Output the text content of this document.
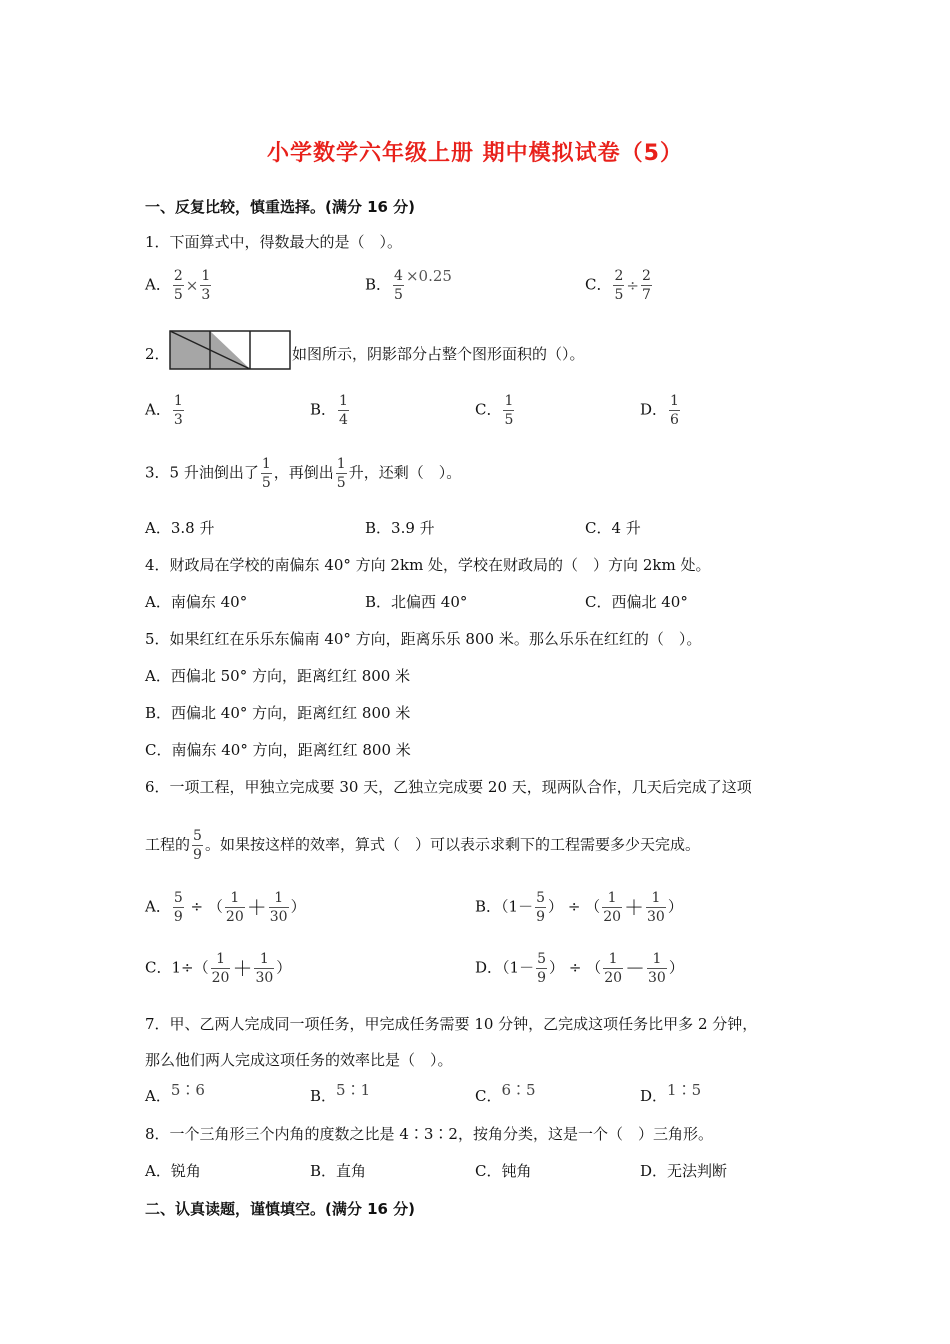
小学数学六年级上册 期中模拟试卷（5）
一、反复比较，慎重选择。(满分 16 分)
1．下面算式中，得数最大的是（　）。
A． $\frac{2}{5} \times \frac{1}{3}$	B． $\frac{4}{5} \times 0.25$	C． $\frac{2}{5} \div \frac{2}{7}$
2．	如图所示，阴影部分占整个图形面积的（）。
A． $\frac{1}{3}$	B． $\frac{1}{4}$	C． $\frac{1}{5}$	D． $\frac{1}{6}$
3．5 升油倒出了 $\frac{1}{5}$ ，再倒出 $\frac{1}{5}$ 升，还剩（　）。
A．3.8 升	B．3.9 升	C．4 升
4．财政局在学校的南偏东 40° 方向 2km 处，学校在财政局的（　）方向 2km 处。
A．南偏东 40°	B．北偏西 40°	C．西偏北 40°
5．如果红红在乐乐东偏南 40° 方向，距离乐乐 800 米。那么乐乐在红红的（　）。
A．西偏北 50° 方向，距离红红 800 米
B．西偏北 40° 方向，距离红红 800 米
C．南偏东 40° 方向，距离红红 800 米
6．一项工程，甲独立完成要 30 天，乙独立完成要 20 天，现两队合作，几天后完成了这项
工程的 $\frac{5}{9}$ 。如果按这样的效率，算式（　）可以表示求剩下的工程需要多少天完成。
A． $\frac{5}{9}$ ÷ （ $\frac{1}{20} + \frac{1}{30}$ ）	B．（$1- \frac{5}{9}$ ） ÷ （ $\frac{1}{20} + \frac{1}{30}$ ）
C．$1\div( \frac{1}{20} + \frac{1}{30}$ ）	D．（$1- \frac{5}{9}$ ） ÷ （ $\frac{1}{20} - \frac{1}{30}$ ）
7．甲、乙两人完成同一项任务，甲完成任务需要 10 分钟，乙完成这项任务比甲多 2 分钟，
那么他们两人完成这项任务的效率比是（　）。
A．5∶6	B．5∶1	C．6∶5	D．1∶5
8．一个三角形三个内角的度数之比是 4∶3∶2，按角分类，这是一个（　）三角形。
A．锐角	B．直角	C．钝角	D．无法判断
二、认真读题，谨慎填空。(满分 16 分)
